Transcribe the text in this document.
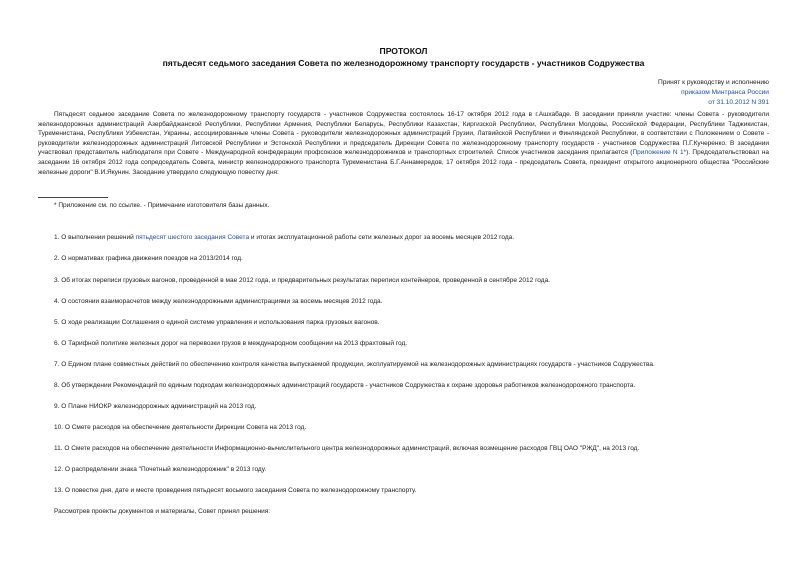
ПРОТОКОЛ
пятьдесят седьмого заседания Совета по железнодорожному транспорту государств - участников Содружества
Принят к руководству и исполнению
приказом Минтранса России
от 31.10.2012 N 391

Пятьдесят седьмое заседание Совета по железнодорожному транспорту государств - участников Содружества состоялось 16-17 октября 2012 года в г.Ашхабаде. В заседании приняли участие: члены Совета - руководители железнодорожных администраций Азербайджанской Республики, Республики Армения, Республики Беларусь, Республики Казахстан, Киргизской Республики, Республики Молдовы, Российской Федерации, Республики Таджикистан, Туркменистана, Республики Узбекистан, Украины, ассоциированные члены Совета - руководители железнодорожных администраций Грузии, Латвийской Республики и Финляндской Республики, в соответствии с Положением о Совете - руководители железнодорожных администраций Литовской Республики и Эстонской Республики и председатель Дирекции Совета по железнодорожному транспорту государств - участников Содружества П.Г.Кучеренко. В заседании участвовал представитель наблюдателя при Совете - Международной конфедерации профсоюзов железнодорожников и транспортных строителей. Список участников заседания прилагается (Приложение N 1*). Председательствовал на заседании 16 октября 2012 года сопредседатель Совета, министр железнодорожного транспорта Туркменистана Б.Г.Аннамередов, 17 октября 2012 года - председатель Совета, президент открытого акционерного общества "Российские железные дороги" В.И.Якунин. Заседание утвердило следующую повестку дня:

* Приложение см. по ссылке. - Примечание изготовителя базы данных.
1. О выполнении решений пятьдесят шестого заседания Совета и итогах эксплуатационной работы сети железных дорог за восемь месяцев 2012 года.
2. О нормативах графика движения поездов на 2013/2014 год.
3. Об итогах переписи грузовых вагонов, проведенной в мае 2012 года, и предварительных результатах переписи контейнеров, проведенной в сентябре 2012 года.
4. О состоянии взаиморасчетов между железнодорожными администрациями за восемь месяцев 2012 года.
5. О ходе реализации Соглашения о единой системе управления и использования парка грузовых вагонов.
6. О Тарифной политике железных дорог на перевозки грузов в международном сообщении на 2013 фрахтовый год.
7. О Едином плане совместных действий по обеспечению контроля качества выпускаемой продукции, эксплуатируемой на железнодорожных администрациях государств - участников Содружества.
8. Об утверждении Рекомендаций по единым подходам железнодорожных администраций государств - участников Содружества к охране здоровья работников железнодорожного транспорта.
9. О Плане НИОКР железнодорожных администраций на 2013 год.
10. О Смете расходов на обеспечение деятельности Дирекции Совета на 2013 год.
11. О Смете расходов на обеспечение деятельности Информационно-вычислительного центра железнодорожных администраций, включая возмещение расходов ГВЦ ОАО "РЖД", на 2013 год.
12. О распределении знака "Почетный железнодорожник" в 2013 году.
13. О повестке дня, дате и месте проведения пятьдесят восьмого заседания Совета по железнодорожному транспорту.
Рассмотрев проекты документов и материалы, Совет принял решения:
